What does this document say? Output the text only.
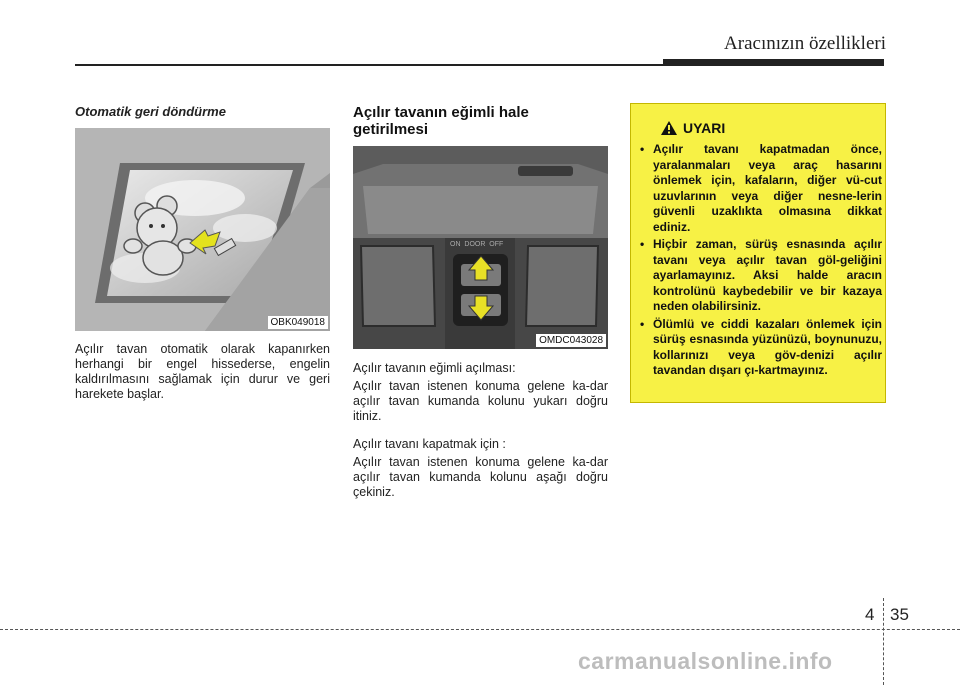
Aracınızın özellikleri
Otomatik geri döndürme
OBK049018
Açılır tavan otomatik olarak kapanırken herhangi bir engel hissederse, engelin kaldırılmasını sağlamak için durur ve geri harekete başlar.
Açılır tavanın eğimli hale getirilmesi
ON  DOOR  OFF
OMDC043028
Açılır tavanın eğimli açılması:
Açılır tavan istenen konuma gelene ka-dar açılır tavan kumanda kolunu yukarı doğru itiniz.
Açılır tavanı kapatmak için :
Açılır tavan istenen konuma gelene ka-dar açılır tavan kumanda kolunu aşağı doğru çekiniz.
UYARI
• Açılır tavanı kapatmadan önce, yaralanmaları veya araç hasarını önlemek için, kafaların, diğer vü-cut uzuvlarının veya diğer nesne-lerin güvenli uzaklıkta olmasına dikkat ediniz.
• Hiçbir zaman, sürüş esnasında açılır tavanı veya açılır tavan göl-geliğini ayarlamayınız. Aksi halde aracın kontrolünü kaybedebilir ve bir kazaya neden olabilirsiniz.
• Ölümlü ve ciddi kazaları önlemek için sürüş esnasında yüzünüzü, boynunuzu, kollarınızı veya göv-denizi açılır tavandan dışarı çı-kartmayınız.
4 35
carmanualsonline.info
